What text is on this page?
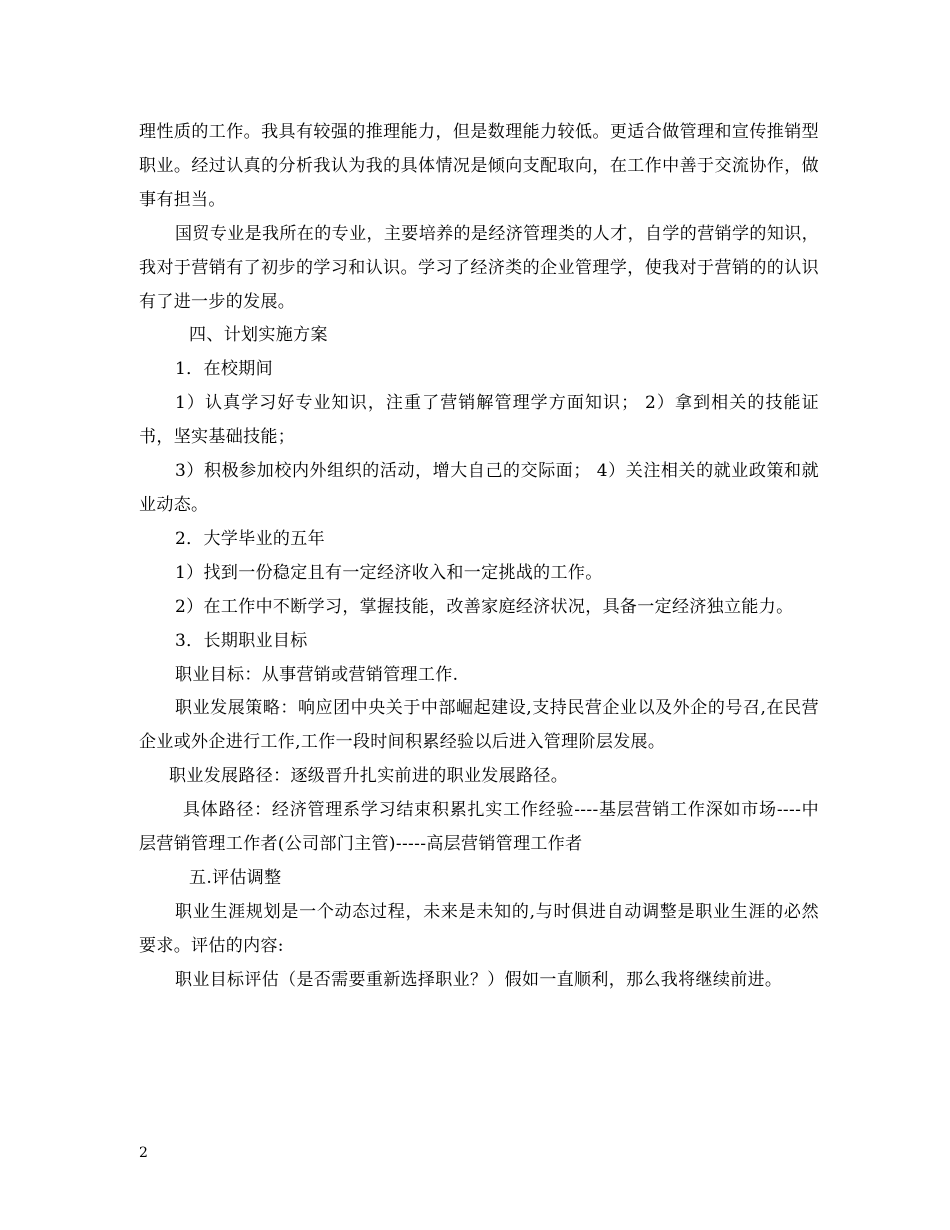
理性质的工作。我具有较强的推理能力，但是数理能力较低。更适合做管理和宣传推销型职业。经过认真的分析我认为我的具体情况是倾向支配取向，在工作中善于交流协作，做事有担当。

国贸专业是我所在的专业，主要培养的是经济管理类的人才，自学的营销学的知识，我对于营销有了初步的学习和认识。学习了经济类的企业管理学，使我对于营销的的认识有了进一步的发展。

四、计划实施方案

1．在校期间

1）认真学习好专业知识，注重了营销解管理学方面知识； 2）拿到相关的技能证书，坚实基础技能；

3）积极参加校内外组织的活动，增大自己的交际面； 4）关注相关的就业政策和就业动态。

2．大学毕业的五年

1）找到一份稳定且有一定经济收入和一定挑战的工作。

2）在工作中不断学习，掌握技能，改善家庭经济状况，具备一定经济独立能力。

3．长期职业目标

职业目标：从事营销或营销管理工作.

职业发展策略：响应团中央关于中部崛起建设,支持民营企业以及外企的号召,在民营企业或外企进行工作,工作一段时间积累经验以后进入管理阶层发展。

职业发展路径：逐级晋升扎实前进的职业发展路径。

具体路径：经济管理系学习结束积累扎实工作经验----基层营销工作深如市场----中层营销管理工作者(公司部门主管)-----高层营销管理工作者

五.评估调整

职业生涯规划是一个动态过程，未来是未知的,与时俱进自动调整是职业生涯的必然要求。评估的内容:

职业目标评估（是否需要重新选择职业？）假如一直顺利，那么我将继续前进。

2
